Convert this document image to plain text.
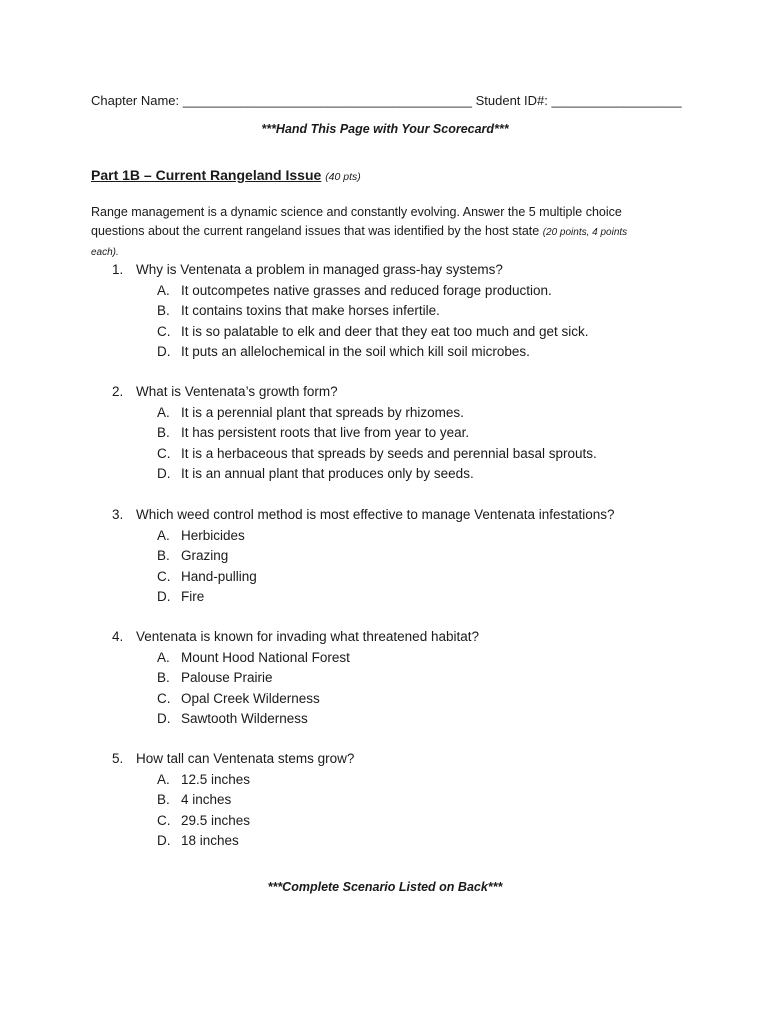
Chapter Name: ________________________________________ Student ID#: __________________
***Hand This Page with Your Scorecard***
Part 1B – Current Rangeland Issue (40 pts)
Range management is a dynamic science and constantly evolving. Answer the 5 multiple choice questions about the current rangeland issues that was identified by the host state (20 points, 4 points each).
1. Why is Ventenata a problem in managed grass-hay systems?
A. It outcompetes native grasses and reduced forage production.
B. It contains toxins that make horses infertile.
C. It is so palatable to elk and deer that they eat too much and get sick.
D. It puts an allelochemical in the soil which kill soil microbes.
2. What is Ventenata’s growth form?
A. It is a perennial plant that spreads by rhizomes.
B. It has persistent roots that live from year to year.
C. It is a herbaceous that spreads by seeds and perennial basal sprouts.
D. It is an annual plant that produces only by seeds.
3. Which weed control method is most effective to manage Ventenata infestations?
A. Herbicides
B. Grazing
C. Hand-pulling
D. Fire
4. Ventenata is known for invading what threatened habitat?
A. Mount Hood National Forest
B. Palouse Prairie
C. Opal Creek Wilderness
D. Sawtooth Wilderness
5. How tall can Ventenata stems grow?
A. 12.5 inches
B. 4 inches
C. 29.5 inches
D. 18 inches
***Complete Scenario Listed on Back***
